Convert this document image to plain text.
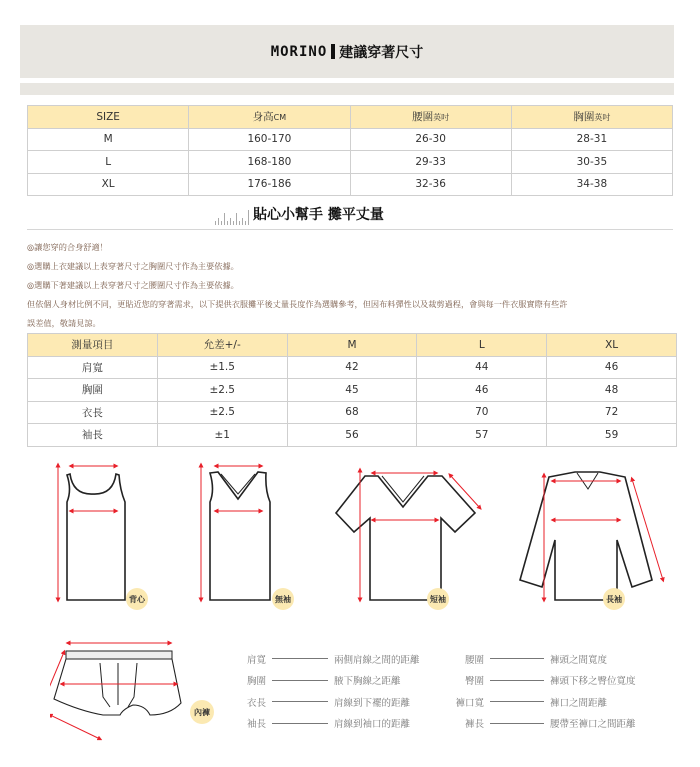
MORINO 建議穿著尺寸
SIZE	身高CM	腰圍英吋	胸圍英吋
M	160-170	26-30	28-31
L	168-180	29-33	30-35
XL	176-186	32-36	34-38
貼心小幫手 攤平丈量

◎讓您穿的合身舒適！

◎選購上衣建議以上表穿著尺寸之胸圍尺寸作為主要依據。

◎選購下著建議以上表穿著尺寸之腰圍尺寸作為主要依據。

但依個人身材比例不同，更貼近您的穿著需求，以下提供衣服攤平後丈量長度作為選購參考，但因布料彈性以及裁剪過程，會與每一件衣服實際有些許

誤差值，敬請見諒。

測量項目	允差+/-	M	L	XL
肩寬	±1.5	42	44	46
胸圍	±2.5	45	46	48
衣長	±2.5	68	70	72
袖長	±1	56	57	59
背心	無袖	短袖	長袖
內褲
肩寬	兩側肩線之間的距離
胸圍	腋下胸線之距離
衣長	肩線到下襬的距離
袖長	肩線到袖口的距離
腰圍	褲頭之間寬度
臀圍	褲頭下移之臀位寬度
褲口寬	褲口之間距離
褲長	腰帶至褲口之間距離
